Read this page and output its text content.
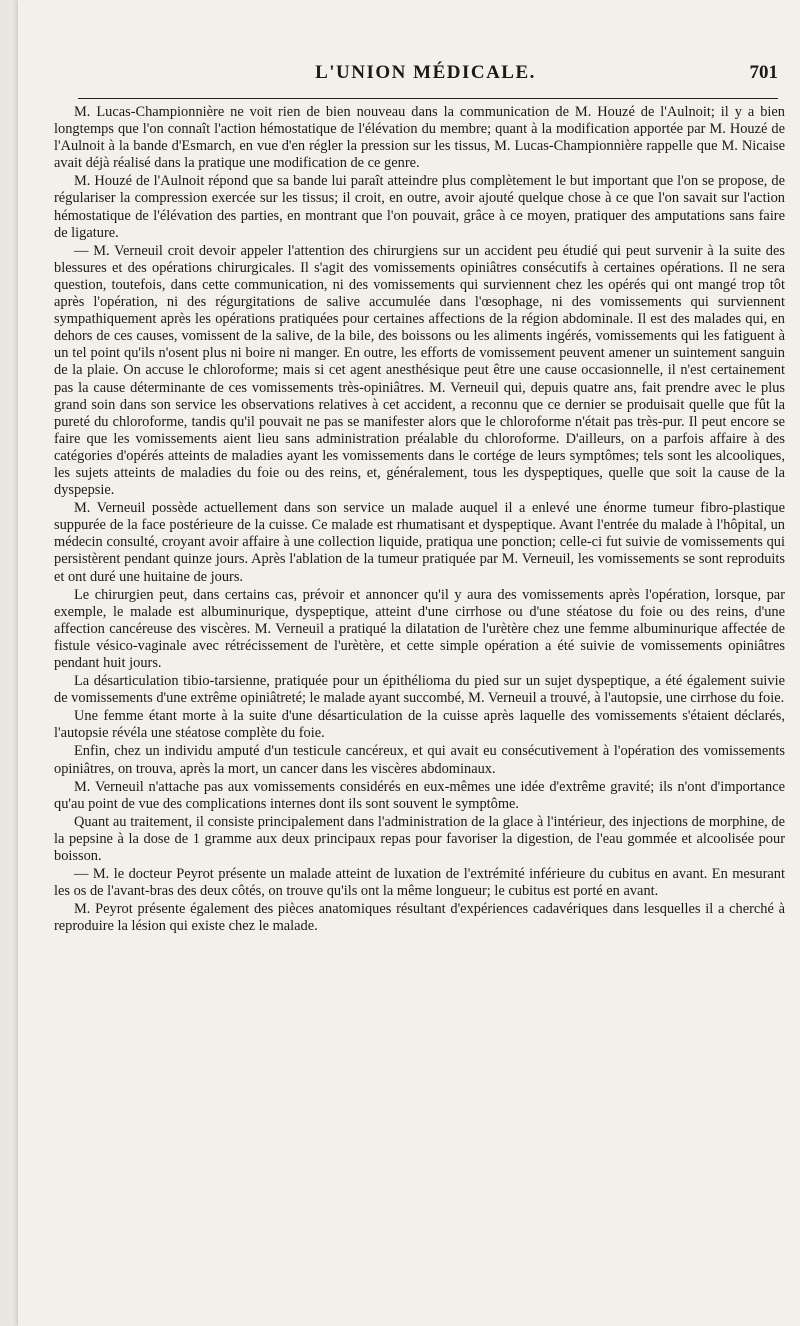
L'UNION MÉDICALE.	701

M. Lucas-Championnière ne voit rien de bien nouveau dans la communication de M. Houzé de l'Aulnoit; il y a bien longtemps que l'on connaît l'action hémostatique de l'élévation du membre; quant à la modification apportée par M. Houzé de l'Aulnoit à la bande d'Esmarch, en vue d'en régler la pression sur les tissus, M. Lucas-Championnière rappelle que M. Nicaise avait déjà réalisé dans la pratique une modification de ce genre.

M. Houzé de l'Aulnoit répond que sa bande lui paraît atteindre plus complètement le but important que l'on se propose, de régulariser la compression exercée sur les tissus; il croit, en outre, avoir ajouté quelque chose à ce que l'on savait sur l'action hémostatique de l'élévation des parties, en montrant que l'on pouvait, grâce à ce moyen, pratiquer des amputations sans faire de ligature.

— M. Verneuil croit devoir appeler l'attention des chirurgiens sur un accident peu étudié qui peut survenir à la suite des blessures et des opérations chirurgicales. Il s'agit des vomissements opiniâtres consécutifs à certaines opérations. Il ne sera question, toutefois, dans cette communication, ni des vomissements qui surviennent chez les opérés qui ont mangé trop tôt après l'opération, ni des régurgitations de salive accumulée dans l'œsophage, ni des vomissements qui surviennent sympathiquement après les opérations pratiquées pour certaines affections de la région abdominale. Il est des malades qui, en dehors de ces causes, vomissent de la salive, de la bile, des boissons ou les aliments ingérés, vomissements qui les fatiguent à un tel point qu'ils n'osent plus ni boire ni manger. En outre, les efforts de vomissement peuvent amener un suintement sanguin de la plaie. On accuse le chloroforme; mais si cet agent anesthésique peut être une cause occasionnelle, il n'est certainement pas la cause déterminante de ces vomissements très-opiniâtres. M. Verneuil qui, depuis quatre ans, fait prendre avec le plus grand soin dans son service les observations relatives à cet accident, a reconnu que ce dernier se produisait quelle que fût la pureté du chloroforme, tandis qu'il pouvait ne pas se manifester alors que le chloroforme n'était pas très-pur. Il peut encore se faire que les vomissements aient lieu sans administration préalable du chloroforme. D'ailleurs, on a parfois affaire à des catégories d'opérés atteints de maladies ayant les vomissements dans le cortége de leurs symptômes; tels sont les alcooliques, les sujets atteints de maladies du foie ou des reins, et, généralement, tous les dyspeptiques, quelle que soit la cause de la dyspepsie.

M. Verneuil possède actuellement dans son service un malade auquel il a enlevé une énorme tumeur fibro-plastique suppurée de la face postérieure de la cuisse. Ce malade est rhumatisant et dyspeptique. Avant l'entrée du malade à l'hôpital, un médecin consulté, croyant avoir affaire à une collection liquide, pratiqua une ponction; celle-ci fut suivie de vomissements qui persistèrent pendant quinze jours. Après l'ablation de la tumeur pratiquée par M. Verneuil, les vomissements se sont reproduits et ont duré une huitaine de jours.

Le chirurgien peut, dans certains cas, prévoir et annoncer qu'il y aura des vomissements après l'opération, lorsque, par exemple, le malade est albuminurique, dyspeptique, atteint d'une cirrhose ou d'une stéatose du foie ou des reins, d'une affection cancéreuse des viscères. M. Verneuil a pratiqué la dilatation de l'urètère chez une femme albuminurique affectée de fistule vésico-vaginale avec rétrécissement de l'urètère, et cette simple opération a été suivie de vomissements opiniâtres pendant huit jours.

La désarticulation tibio-tarsienne, pratiquée pour un épithélioma du pied sur un sujet dyspeptique, a été également suivie de vomissements d'une extrême opiniâtreté; le malade ayant succombé, M. Verneuil a trouvé, à l'autopsie, une cirrhose du foie.

Une femme étant morte à la suite d'une désarticulation de la cuisse après laquelle des vomissements s'étaient déclarés, l'autopsie révéla une stéatose complète du foie.

Enfin, chez un individu amputé d'un testicule cancéreux, et qui avait eu consécutivement à l'opération des vomissements opiniâtres, on trouva, après la mort, un cancer dans les viscères abdominaux.

M. Verneuil n'attache pas aux vomissements considérés en eux-mêmes une idée d'extrême gravité; ils n'ont d'importance qu'au point de vue des complications internes dont ils sont souvent le symptôme.

Quant au traitement, il consiste principalement dans l'administration de la glace à l'intérieur, des injections de morphine, de la pepsine à la dose de 1 gramme aux deux principaux repas pour favoriser la digestion, de l'eau gommée et alcoolisée pour boisson.

— M. le docteur Peyrot présente un malade atteint de luxation de l'extrémité inférieure du cubitus en avant. En mesurant les os de l'avant-bras des deux côtés, on trouve qu'ils ont la même longueur; le cubitus est porté en avant.

M. Peyrot présente également des pièces anatomiques résultant d'expériences cadavériques dans lesquelles il a cherché à reproduire la lésion qui existe chez le malade.
